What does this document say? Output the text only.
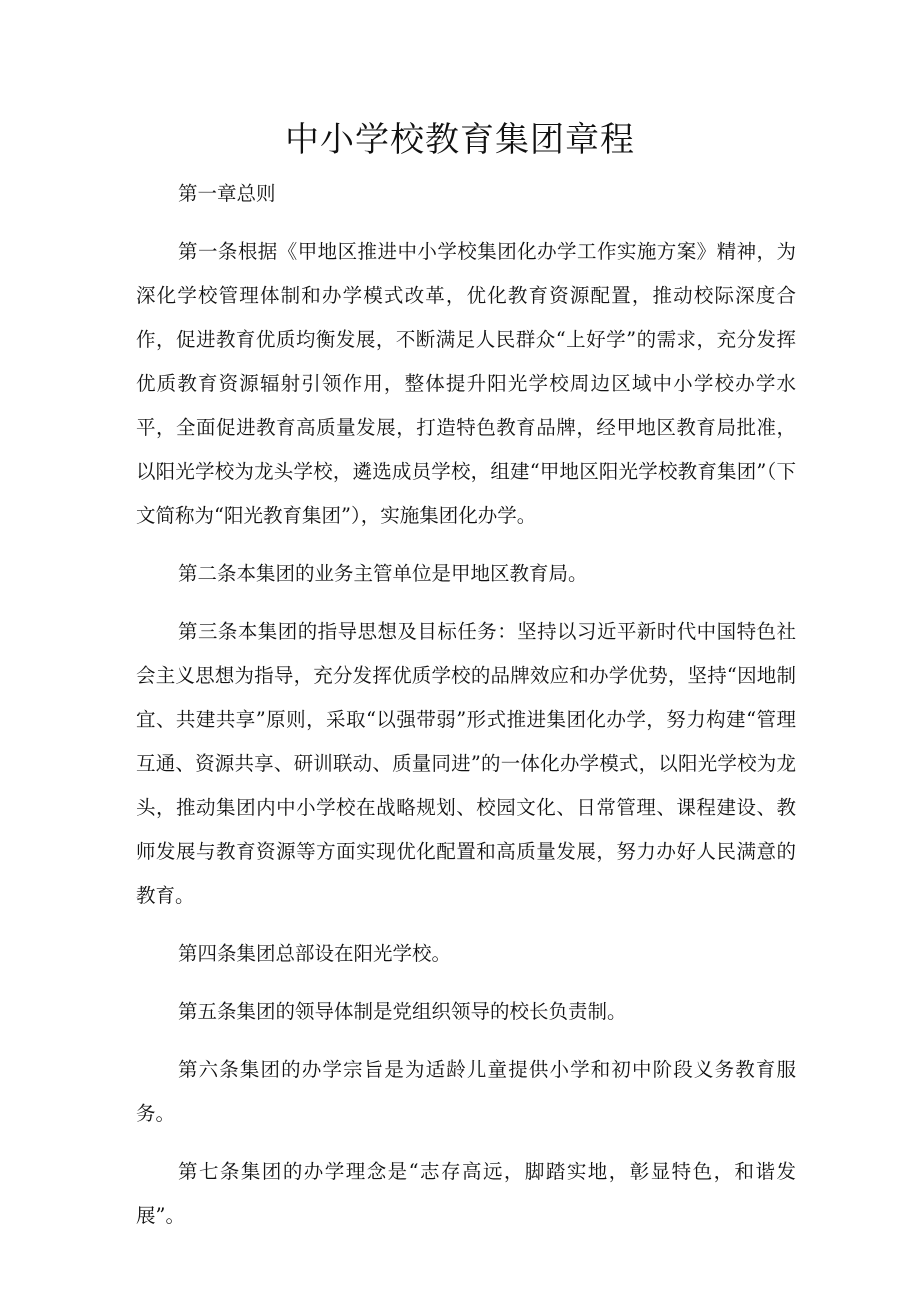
中小学校教育集团章程

第一章总则

第一条根据《甲地区推进中小学校集团化办学工作实施方案》精神，为深化学校管理体制和办学模式改革，优化教育资源配置，推动校际深度合作，促进教育优质均衡发展，不断满足人民群众“上好学”的需求，充分发挥优质教育资源辐射引领作用，整体提升阳光学校周边区域中小学校办学水平，全面促进教育高质量发展，打造特色教育品牌，经甲地区教育局批准，以阳光学校为龙头学校，遴选成员学校，组建“甲地区阳光学校教育集团”（下文简称为“阳光教育集团”），实施集团化办学。

第二条本集团的业务主管单位是甲地区教育局。

第三条本集团的指导思想及目标任务：坚持以习近平新时代中国特色社会主义思想为指导，充分发挥优质学校的品牌效应和办学优势，坚持“因地制宜、共建共享”原则，采取“以强带弱”形式推进集团化办学，努力构建“管理互通、资源共享、研训联动、质量同进”的一体化办学模式，以阳光学校为龙头，推动集团内中小学校在战略规划、校园文化、日常管理、课程建设、教师发展与教育资源等方面实现优化配置和高质量发展，努力办好人民满意的教育。

第四条集团总部设在阳光学校。

第五条集团的领导体制是党组织领导的校长负责制。

第六条集团的办学宗旨是为适龄儿童提供小学和初中阶段义务教育服务。

第七条集团的办学理念是“志存高远，脚踏实地，彰显特色，和谐发展”。
